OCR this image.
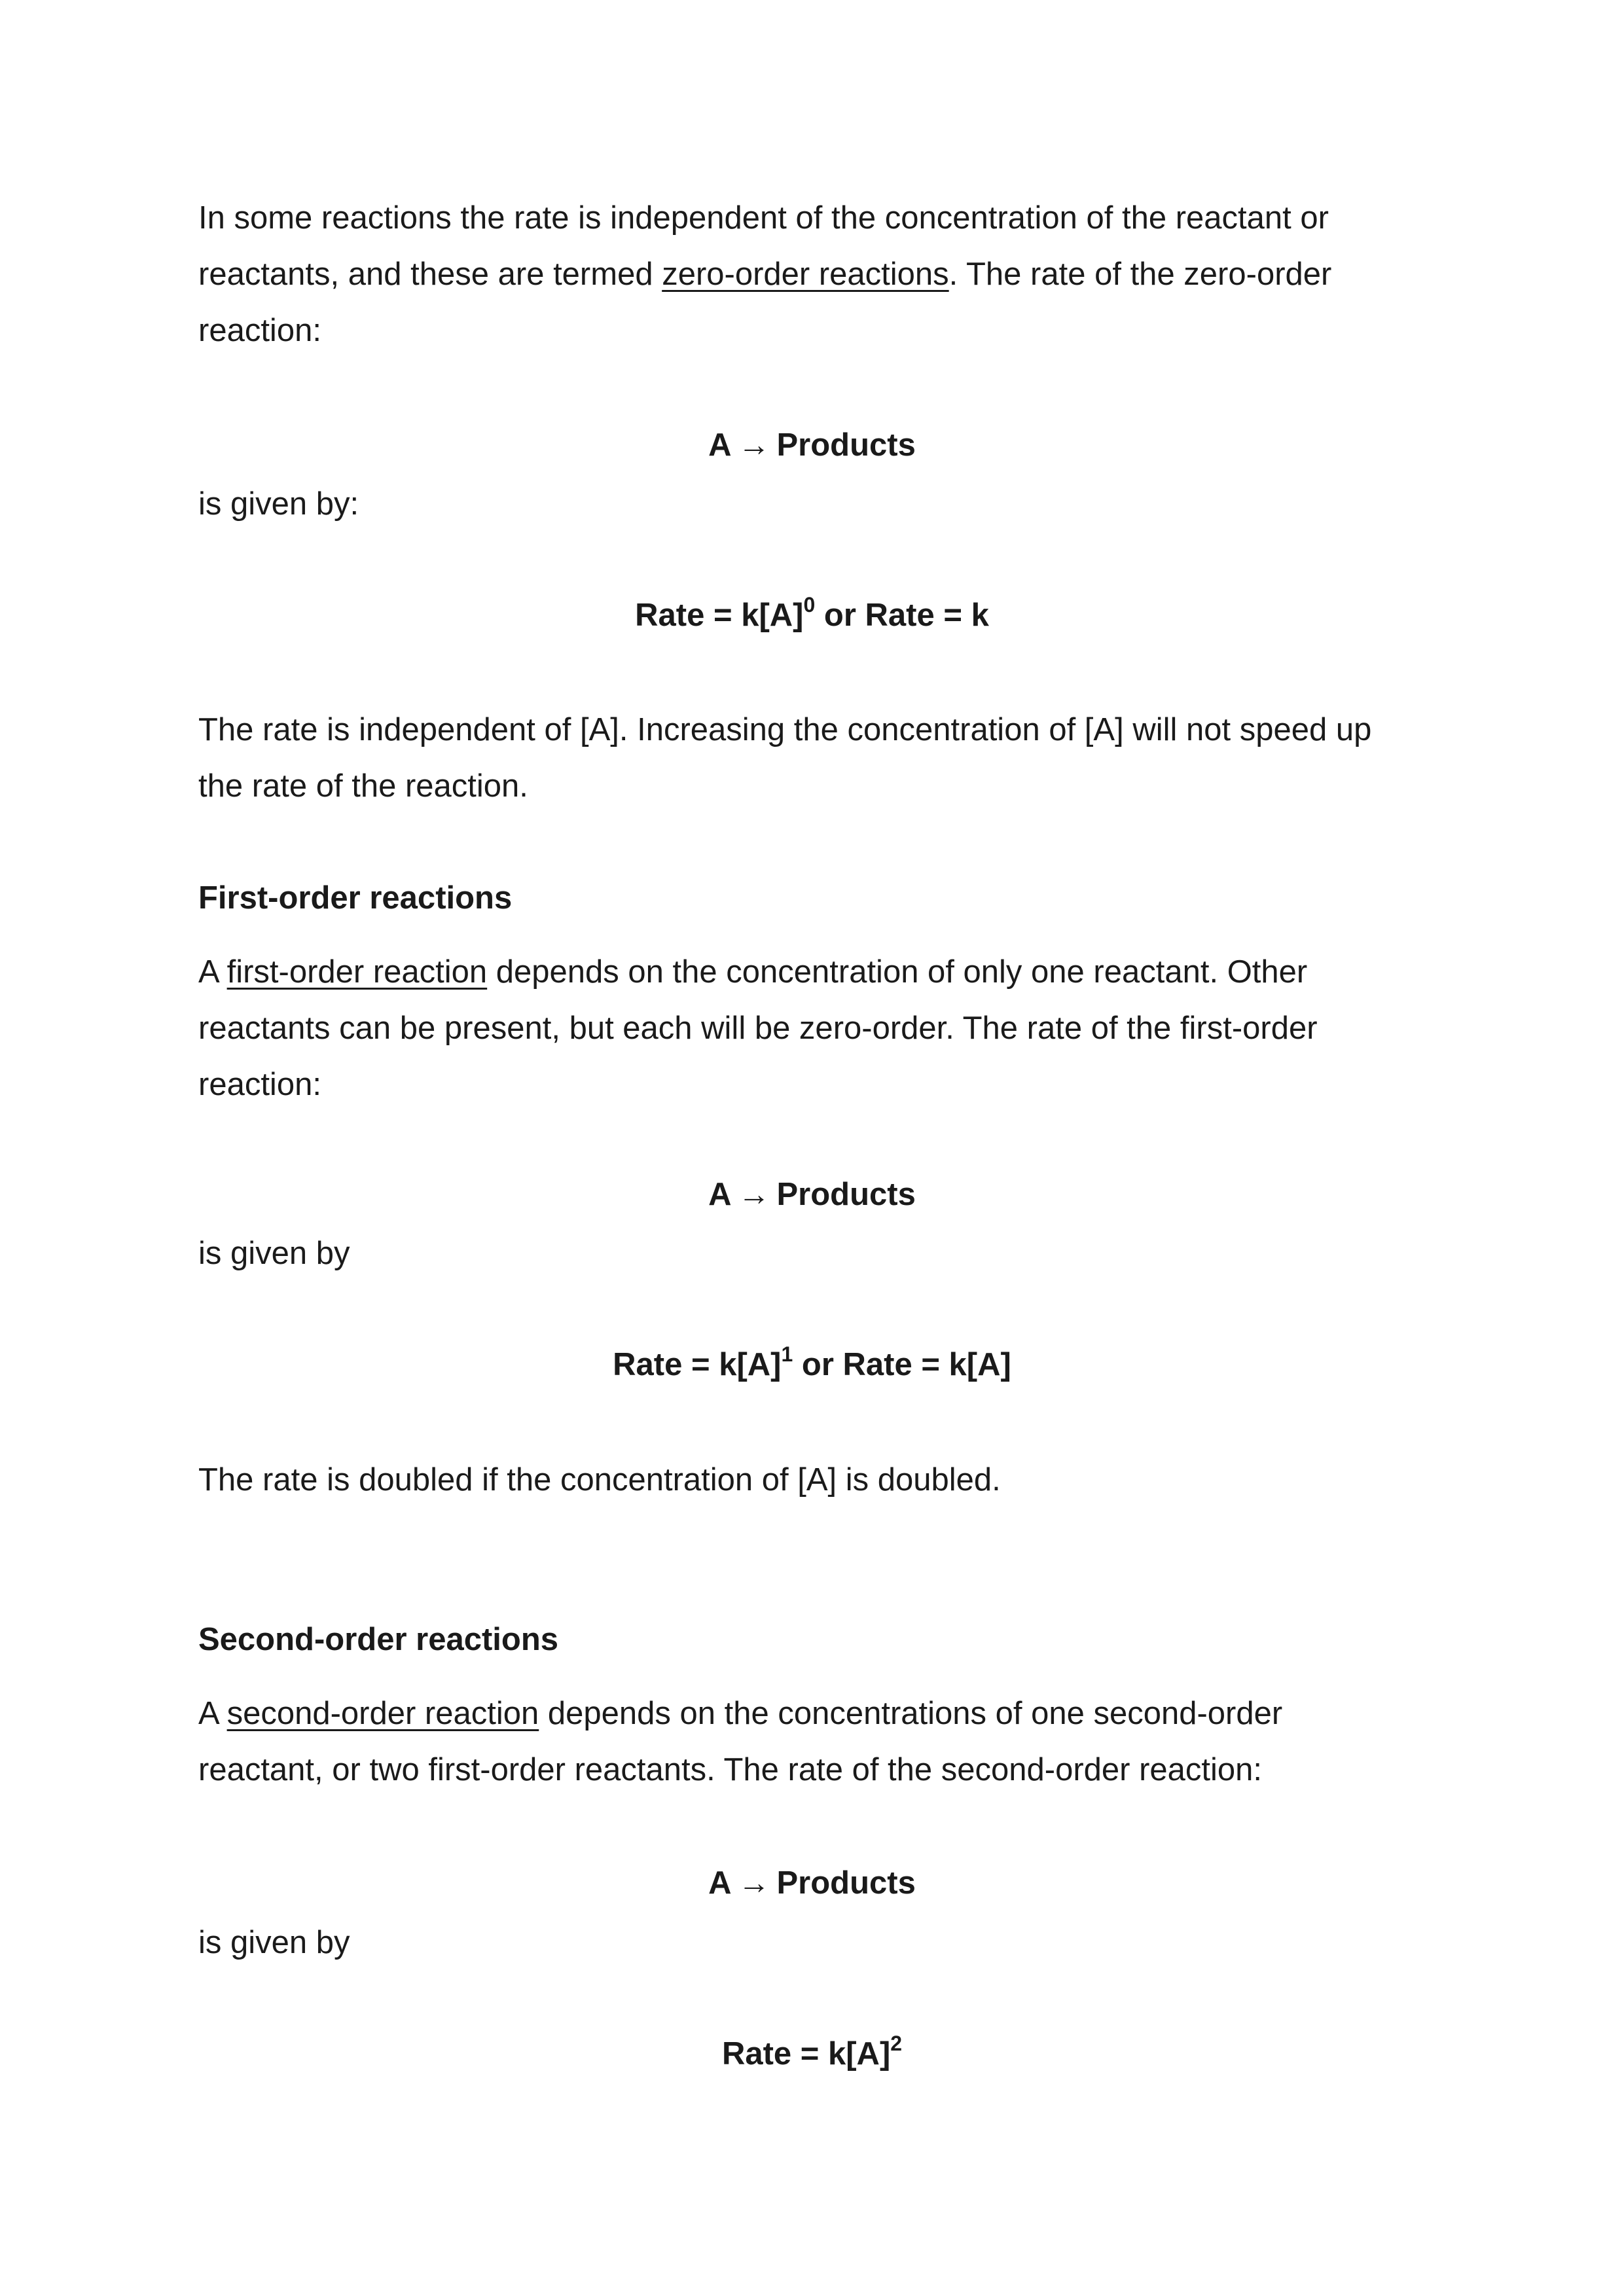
In some reactions the rate is independent of the concentration of the reactant or
reactants, and these are termed zero-order reactions. The rate of the zero-order
reaction:

A → Products

is given by:

Rate = $k[A]^0$ or Rate = k

The rate is independent of [A]. Increasing the concentration of [A] will not speed up
the rate of the reaction.

First-order reactions

A first-order reaction depends on the concentration of only one reactant. Other
reactants can be present, but each will be zero-order. The rate of the first-order
reaction:

A → Products

is given by

Rate = $k[A]^1$ or Rate = k[A]

The rate is doubled if the concentration of [A] is doubled.

Second-order reactions

A second-order reaction depends on the concentrations of one second-order
reactant, or two first-order reactants. The rate of the second-order reaction:

A → Products

is given by

Rate = $k[A]^2$
